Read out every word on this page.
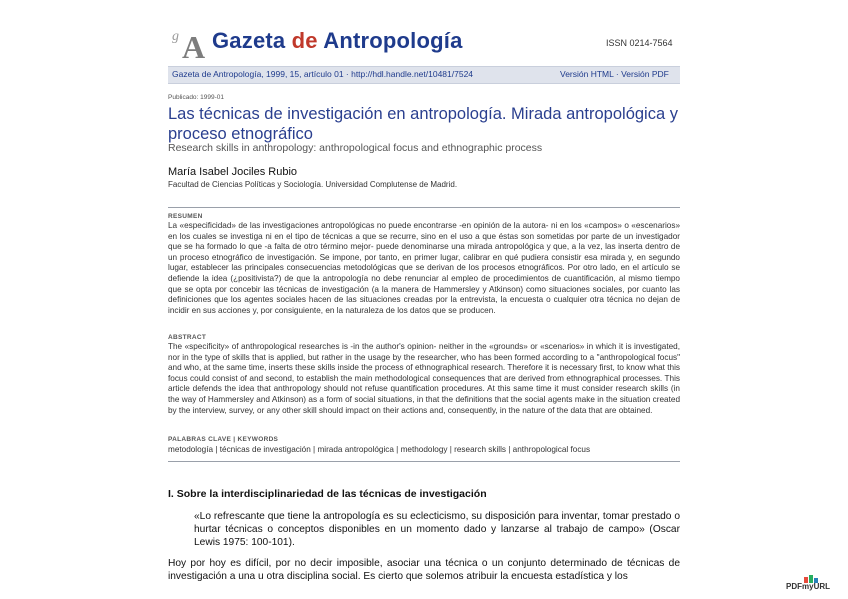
g A Gazeta de Antropología	ISSN 0214-7564
Gazeta de Antropología, 1999, 15, artículo 01 · http://hdl.handle.net/10481/7524	Versión HTML · Versión PDF
Publicado: 1999-01
Las técnicas de investigación en antropología. Mirada antropológica y proceso etnográfico
Research skills in anthropology: anthropological focus and ethnographic process
María Isabel Jociles Rubio
Facultad de Ciencias Políticas y Sociología. Universidad Complutense de Madrid.
RESUMEN
La «especificidad» de las investigaciones antropológicas no puede encontrarse -en opinión de la autora- ni en los «campos» o «escenarios» en los cuales se investiga ni en el tipo de técnicas a que se recurre, sino en el uso a que éstas son sometidas por parte de un investigador que se ha formado lo que -a falta de otro término mejor- puede denominarse una mirada antropológica y que, a la vez, las inserta dentro de un proceso etnográfico de investigación. Se impone, por tanto, en primer lugar, calibrar en qué pudiera consistir esa mirada y, en segundo lugar, establecer las principales consecuencias metodológicas que se derivan de los procesos etnográficos. Por otro lado, en el artículo se defiende la idea (¿positivista?) de que la antropología no debe renunciar al empleo de procedimientos de cuantificación, al mismo tiempo que se opta por concebir las técnicas de investigación (a la manera de Hammersley y Atkinson) como situaciones sociales, por cuanto las definiciones que los agentes sociales hacen de las situaciones creadas por la entrevista, la encuesta o cualquier otra técnica no dejan de incidir en sus acciones y, por consiguiente, en la naturaleza de los datos que se producen.
ABSTRACT
The «specificity» of anthropological researches is -in the author's opinion- neither in the «grounds» or «scenarios» in which it is investigated, nor in the type of skills that is applied, but rather in the usage by the researcher, who has been formed according to a "anthropological focus" and who, at the same time, inserts these skills inside the process of ethnographical research. Therefore it is necessary first, to know what this focus could consist of and second, to establish the main methodological consequences that are derived from ethnographical processes. This article defends the idea that anthropology should not refuse quantification procedures. At this same time it must consider research skills (in the way of Hammersley and Atkinson) as a form of social situations, in that the definitions that the social agents make in the situation created by the interview, survey, or any other skill should impact on their actions and, consequently, in the nature of the data that are obtained.
PALABRAS CLAVE | KEYWORDS
metodología | técnicas de investigación | mirada antropológica | methodology | research skills | anthropological focus
I. Sobre la interdisciplinariedad de las técnicas de investigación
«Lo refrescante que tiene la antropología es su eclecticismo, su disposición para inventar, tomar prestado o hurtar técnicas o conceptos disponibles en un momento dado y lanzarse al trabajo de campo» (Oscar Lewis 1975: 100-101).
Hoy por hoy es difícil, por no decir imposible, asociar una técnica o un conjunto determinado de técnicas de investigación a una u otra disciplina social. Es cierto que solemos atribuir la encuesta estadística y los
PDFmyURL
